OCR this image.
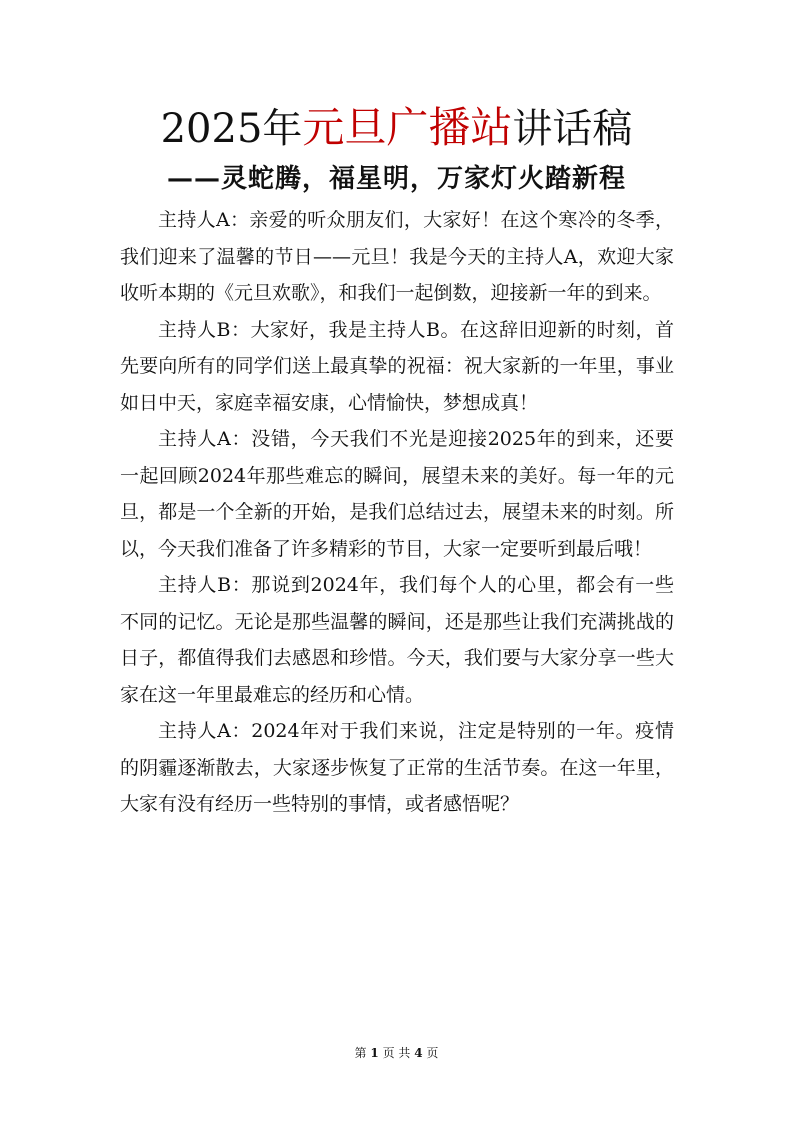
2025年元旦广播站讲话稿
——灵蛇腾，福星明，万家灯火踏新程

主持人A：亲爱的听众朋友们，大家好！在这个寒冷的冬季，我们迎来了温馨的节日——元旦！我是今天的主持人A，欢迎大家收听本期的《元旦欢歌》，和我们一起倒数，迎接新一年的到来。

主持人B：大家好，我是主持人B。在这辞旧迎新的时刻，首先要向所有的同学们送上最真挚的祝福：祝大家新的一年里，事业如日中天，家庭幸福安康，心情愉快，梦想成真！

主持人A：没错，今天我们不光是迎接2025年的到来，还要一起回顾2024年那些难忘的瞬间，展望未来的美好。每一年的元旦，都是一个全新的开始，是我们总结过去，展望未来的时刻。所以，今天我们准备了许多精彩的节目，大家一定要听到最后哦！

主持人B：那说到2024年，我们每个人的心里，都会有一些不同的记忆。无论是那些温馨的瞬间，还是那些让我们充满挑战的日子，都值得我们去感恩和珍惜。今天，我们要与大家分享一些大家在这一年里最难忘的经历和心情。

主持人A：2024年对于我们来说，注定是特别的一年。疫情的阴霾逐渐散去，大家逐步恢复了正常的生活节奏。在这一年里，大家有没有经历一些特别的事情，或者感悟呢？

第 1 页 共 4 页
